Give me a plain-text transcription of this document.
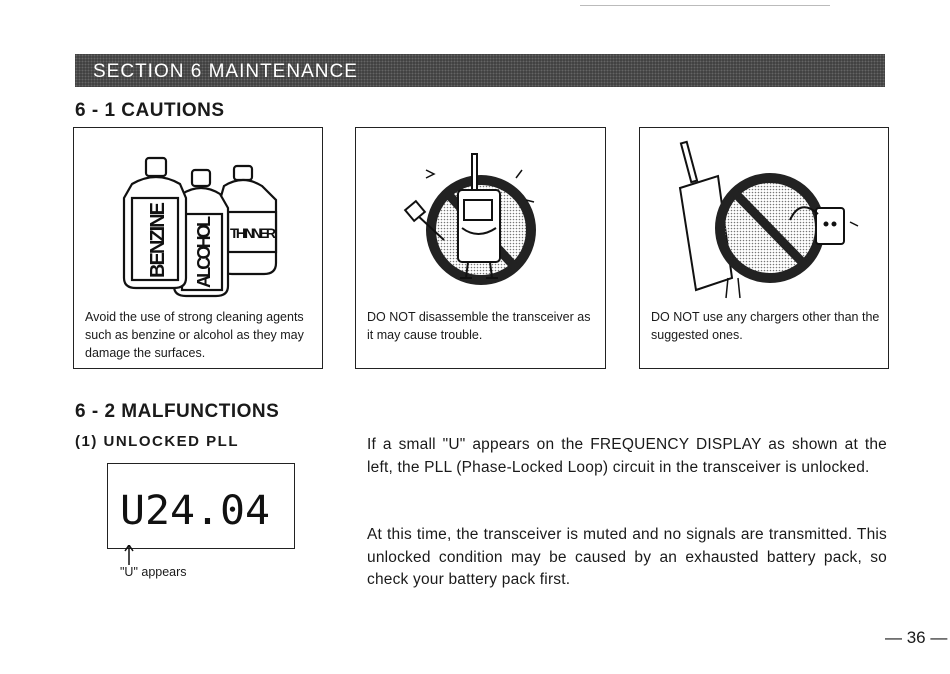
SECTION 6 MAINTENANCE
6 - 1 CAUTIONS
THINNER
ALCOHOL
BENZINE
Avoid the use of strong cleaning agents such as benzine or alcohol as they may damage the surfaces.
DO NOT disassemble the transceiver as it may cause trouble.
DO NOT use any chargers other than the suggested ones.
6 - 2 MALFUNCTIONS
(1) UNLOCKED PLL
U24.04
"U" appears
If a small "U" appears on the FREQUENCY DISPLAY as shown at the left, the PLL (Phase-Locked Loop) circuit in the transceiver is unlocked.
At this time, the transceiver is muted and no signals are transmitted. This unlocked condition may be caused by an exhausted battery pack, so check your battery pack first.
— 36 —
